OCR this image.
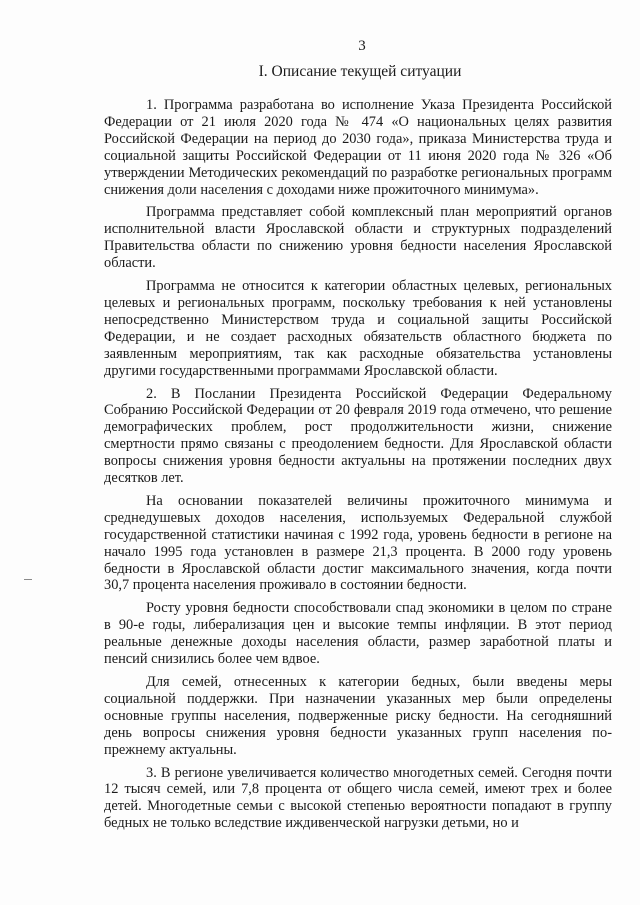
3
I. Описание текущей ситуации

1. Программа разработана во исполнение Указа Президента Российской Федерации от 21 июля 2020 года № 474 «О национальных целях развития Российской Федерации на период до 2030 года», приказа Министерства труда и социальной защиты Российской Федерации от 11 июня 2020 года № 326 «Об утверждении Методических рекомендаций по разработке региональных программ снижения доли населения с доходами ниже прожиточного минимума».

Программа представляет собой комплексный план мероприятий органов исполнительной власти Ярославской области и структурных подразделений Правительства области по снижению уровня бедности населения Ярославской области.

Программа не относится к категории областных целевых, региональных целевых и региональных программ, поскольку требования к ней установлены непосредственно Министерством труда и социальной защиты Российской Федерации, и не создает расходных обязательств областного бюджета по заявленным мероприятиям, так как расходные обязательства установлены другими государственными программами Ярославской области.

2. В Послании Президента Российской Федерации Федеральному Собранию Российской Федерации от 20 февраля 2019 года отмечено, что решение демографических проблем, рост продолжительности жизни, снижение смертности прямо связаны с преодолением бедности. Для Ярославской области вопросы снижения уровня бедности актуальны на протяжении последних двух десятков лет.

На основании показателей величины прожиточного минимума и среднедушевых доходов населения, используемых Федеральной службой государственной статистики начиная с 1992 года, уровень бедности в регионе на начало 1995 года установлен в размере 21,3 процента. В 2000 году уровень бедности в Ярославской области достиг максимального значения, когда почти 30,7 процента населения проживало в состоянии бедности.

Росту уровня бедности способствовали спад экономики в целом по стране в 90-е годы, либерализация цен и высокие темпы инфляции. В этот период реальные денежные доходы населения области, размер заработной платы и пенсий снизились более чем вдвое.

Для семей, отнесенных к категории бедных, были введены меры социальной поддержки. При назначении указанных мер были определены основные группы населения, подверженные риску бедности. На сегодняшний день вопросы снижения уровня бедности указанных групп населения по-прежнему актуальны.

3. В регионе увеличивается количество многодетных семей. Сегодня почти 12 тысяч семей, или 7,8 процента от общего числа семей, имеют трех и более детей. Многодетные семьи с высокой степенью вероятности попадают в группу бедных не только вследствие иждивенческой нагрузки детьми, но и
